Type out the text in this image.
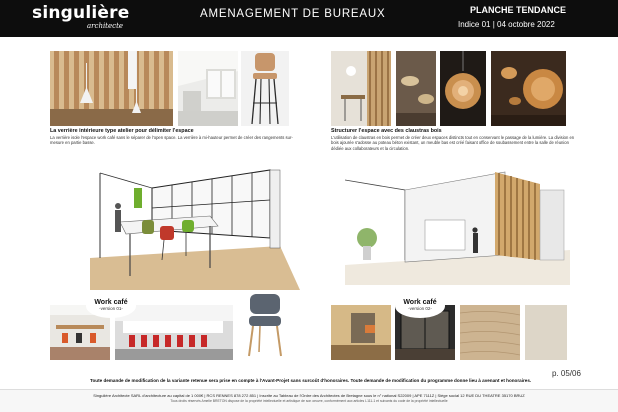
singulière
architecte
AMENAGEMENT DE BUREAUX	PLANCHE TENDANCE
Indice 01 | 04 octobre 2022
La verrière intérieure type atelier pour délimiter l'espace
La verrière isole l'espace work café sans le séparer de l'open space. La verrière à mi-hauteur permet de créer des rangements sur-mesure en partie basse.
Work café
-version 01-
Structurer l'espace avec des claustras bois
L'utilisation de claustras en bois permet de créer deux espaces distincts tout en conservant le passage de la lumière. La division en bois ajourée s'adosse au poteau béton existant, un meuble bas est créé faisant office de soubassement entre la salle de réunion dédiée aux collaborateurs et la circulation.
Work café
-version 02-
p. 05/06
Toute demande de modification de la variante retenue sera prise en compte à l'Avant-Projet sans surcoût d'honoraires. Toute demande de modification du programme donne lieu à avenant et honoraires.
Singulière Architecte SARL d'architecture au capital de 1 000€ | RCS RENNES 878 272 851 | Inscrite au Tableau de l'Ordre des Architectes de Bretagne sous le n° national S22009 | APE 7111Z | Siège social 12 RUE DU THEATRE 35170 BRUZ
Tous droits réservés Amelie BRETON dispose de la propriété intellectuelle et artistique de son oeuvre, conformément aux articles L111-1 et suivants du code de la propriété intellectuelle
